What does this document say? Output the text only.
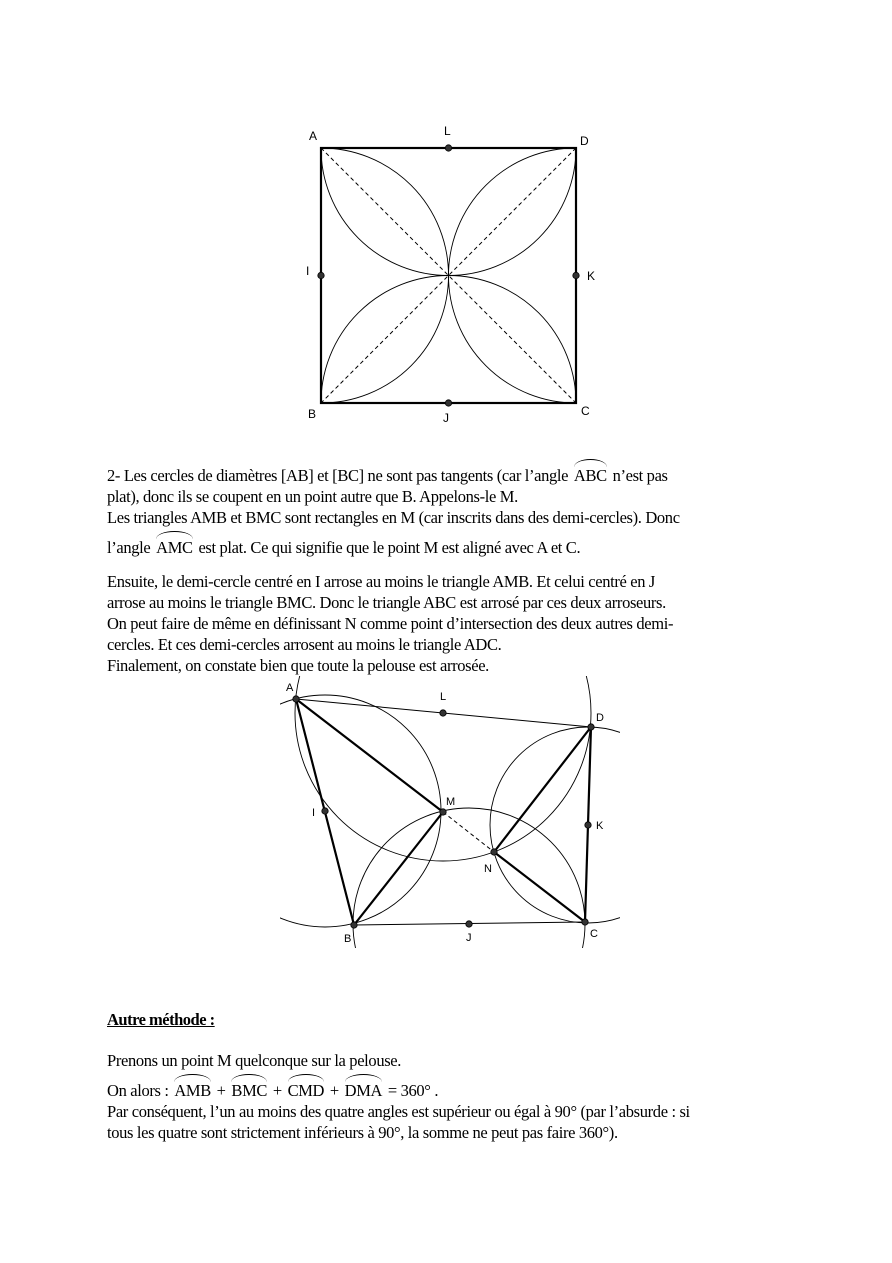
A	L
D
I	K
B	J	C
2- Les cercles de diamètres [AB] et [BC] ne sont pas tangents (car l’angle ABC n’est pas
plat), donc ils se coupent en un point autre que B. Appelons-le M.
Les triangles AMB et BMC sont rectangles en M (car inscrits dans des demi-cercles). Donc
l’angle AMC est plat. Ce qui signifie que le point M est aligné avec A et C.
Ensuite, le demi-cercle centré en I arrose au moins le triangle AMB. Et celui centré en J
arrose au moins le triangle BMC. Donc le triangle ABC est arrosé par ces deux arroseurs.
On peut faire de même en définissant N comme point d’intersection des deux autres demi-
cercles. Et ces demi-cercles arrosent au moins le triangle ADC.
Finalement, on constate bien que toute la pelouse est arrosée.
A
L
D
M
I
K
N
B	J	C

Autre méthode :

Prenons un point M quelconque sur la pelouse.
On alors : AMB + BMC + CMD + DMA = 360° .
Par conséquent, l’un au moins des quatre angles est supérieur ou égal à 90° (par l’absurde : si
tous les quatre sont strictement inférieurs à 90°, la somme ne peut pas faire 360°).
